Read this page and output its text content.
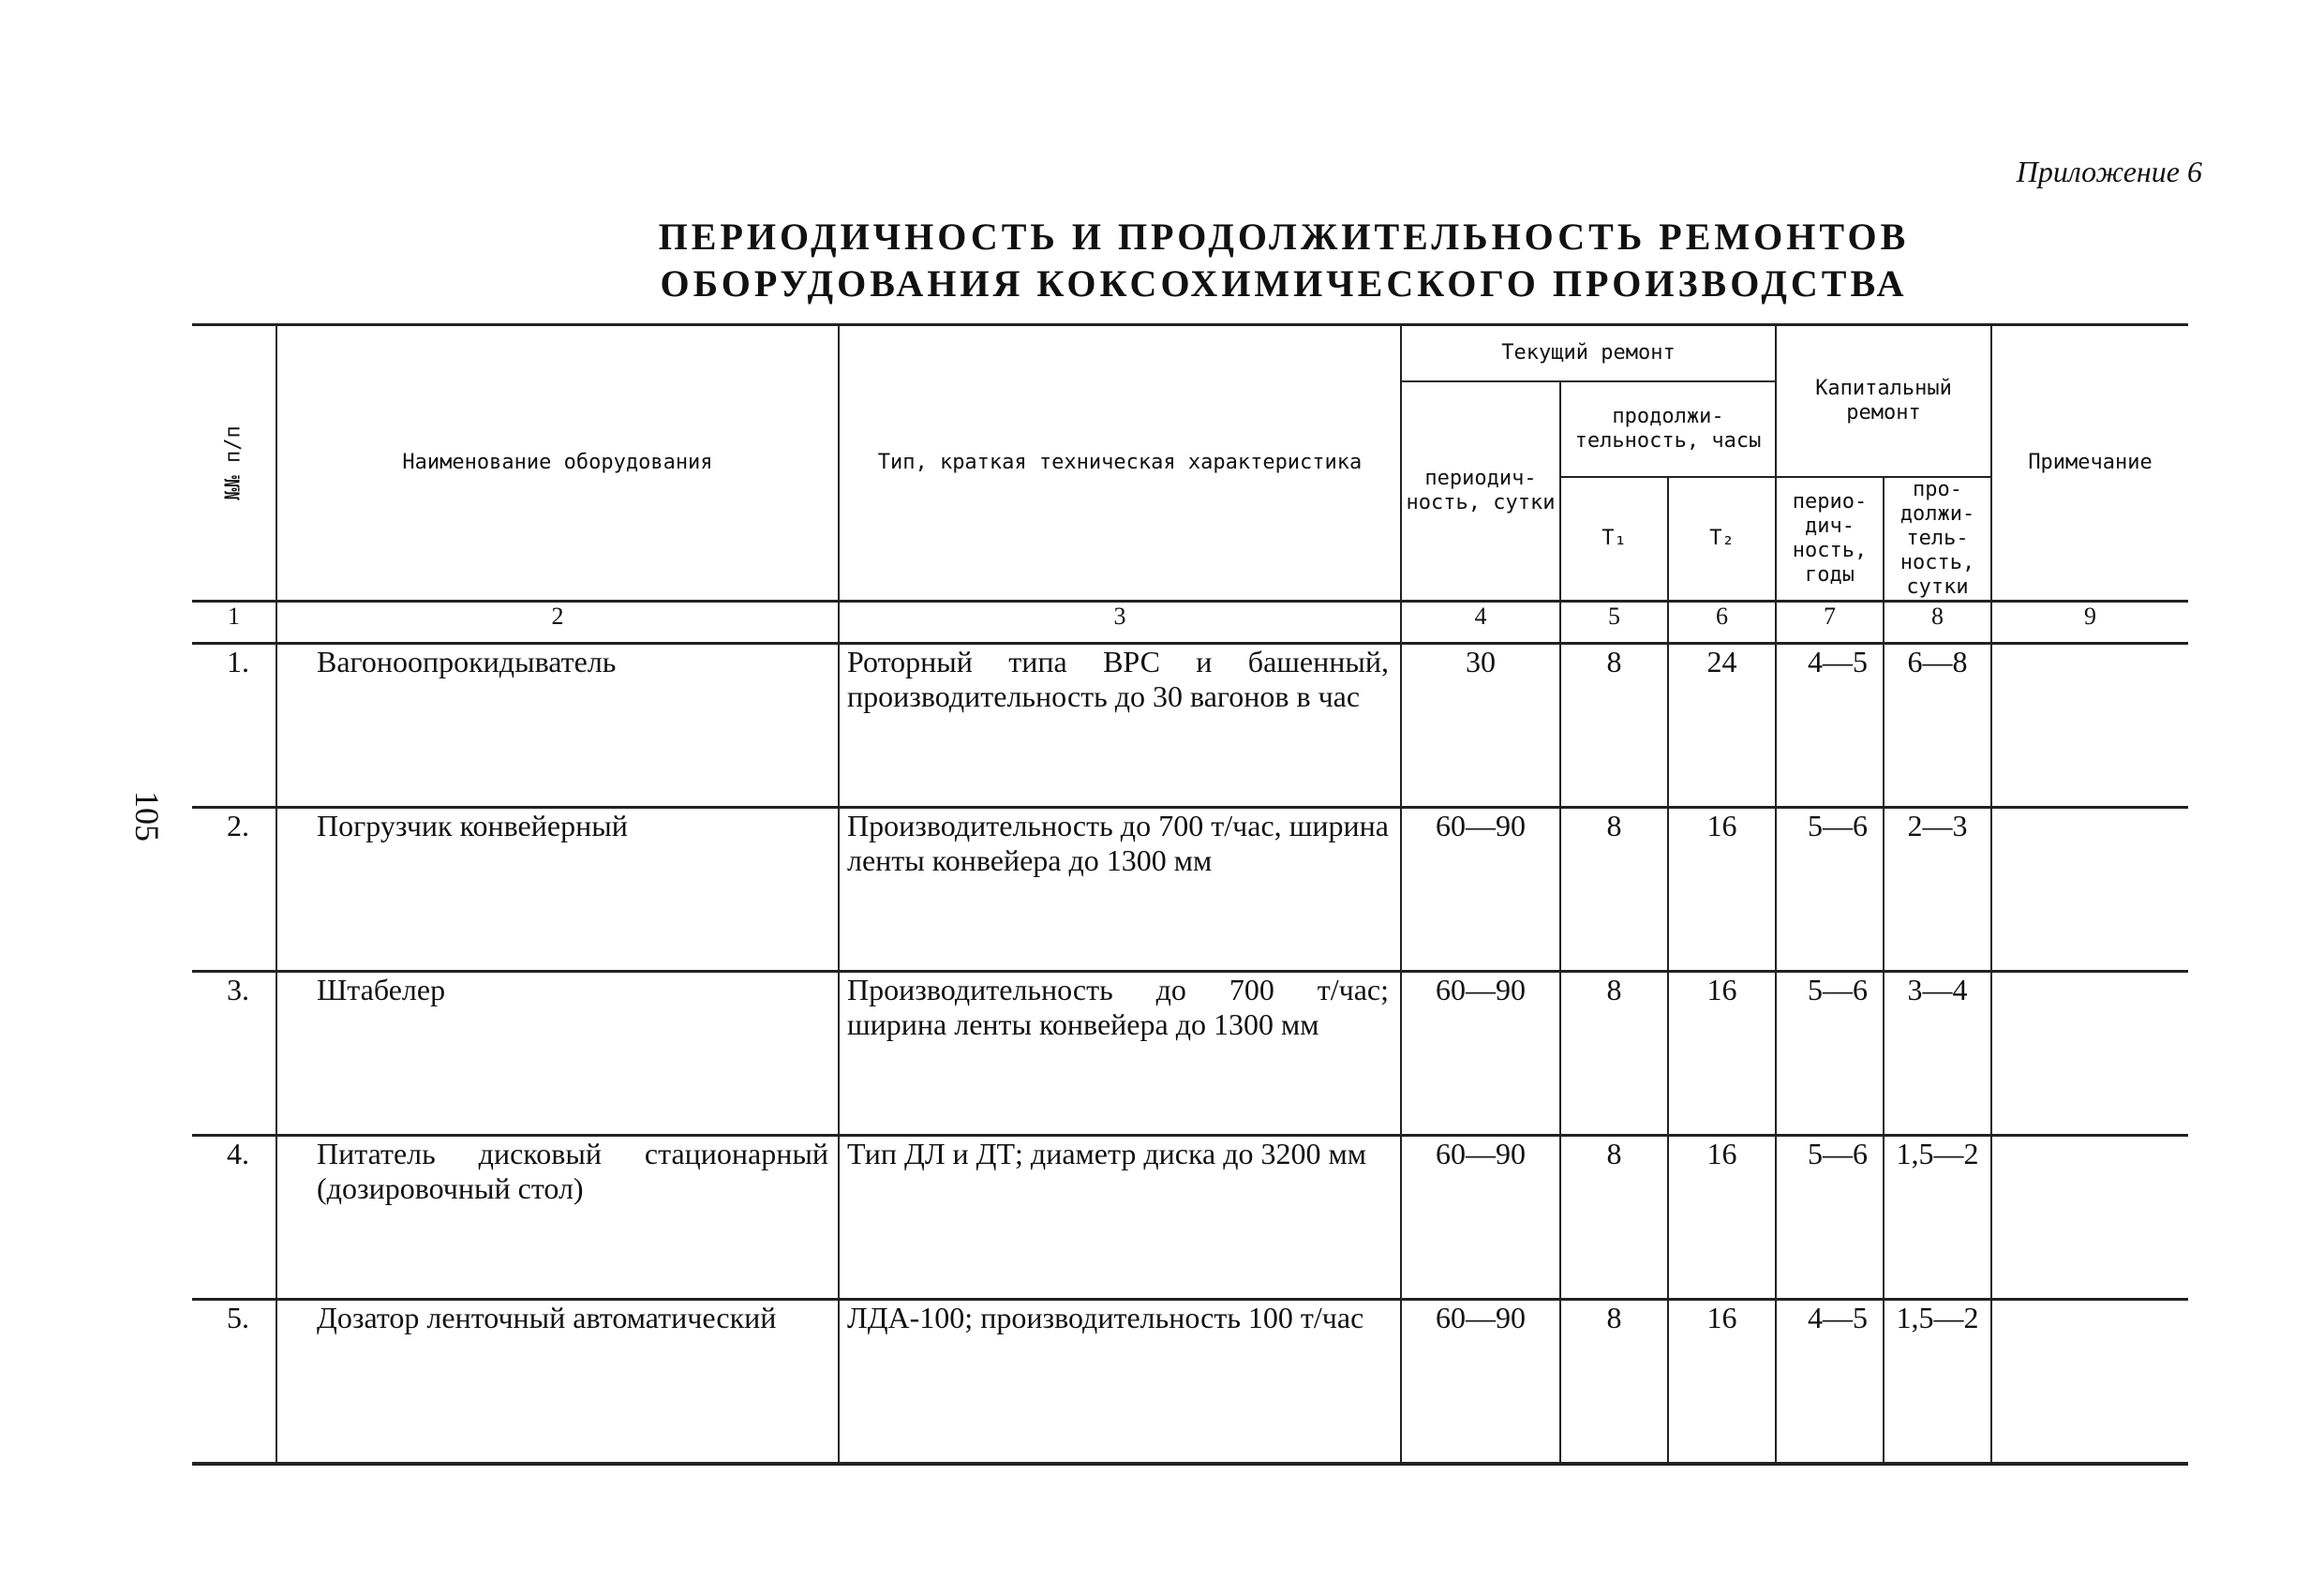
Приложение 6
ПЕРИОДИЧНОСТЬ И ПРОДОЛЖИТЕЛЬНОСТЬ РЕМОНТОВ
ОБОРУДОВАНИЯ КОКСОХИМИЧЕСКОГО ПРОИЗВОДСТВА
105
№№ п/п	Наименование оборудования	Тип, краткая техническая характеристика	Текущий ремонт			Капитальный ремонт		Примечание
			периодич-ность, сутки	продолжи-тельность, часы				
				T₁	T₂	перио-дич-ность, годы	про-должи-тель-ность, сутки	

1	2	3	4	5	6	7	8	9
1.	Вагоноопрокидыватель	Роторный типа ВРС и башенный, производительность до 30 вагонов в час	30	8	24	4—5	6—8	
2.	Погрузчик конвейерный	Производительность до 700 т/час, ширина ленты конвейера до 1300 мм	60—90	8	16	5—6	2—3	
3.	Штабелер	Производительность до 700 т/час; ширина ленты конвейера до 1300 мм	60—90	8	16	5—6	3—4	
4.	Питатель дисковый стационарный (дозировочный стол)	Тип ДЛ и ДТ; диаметр диска до 3200 мм	60—90	8	16	5—6	1,5—2	
5.	Дозатор ленточный автоматический	ЛДА-100; производительность 100 т/час	60—90	8	16	4—5	1,5—2	
